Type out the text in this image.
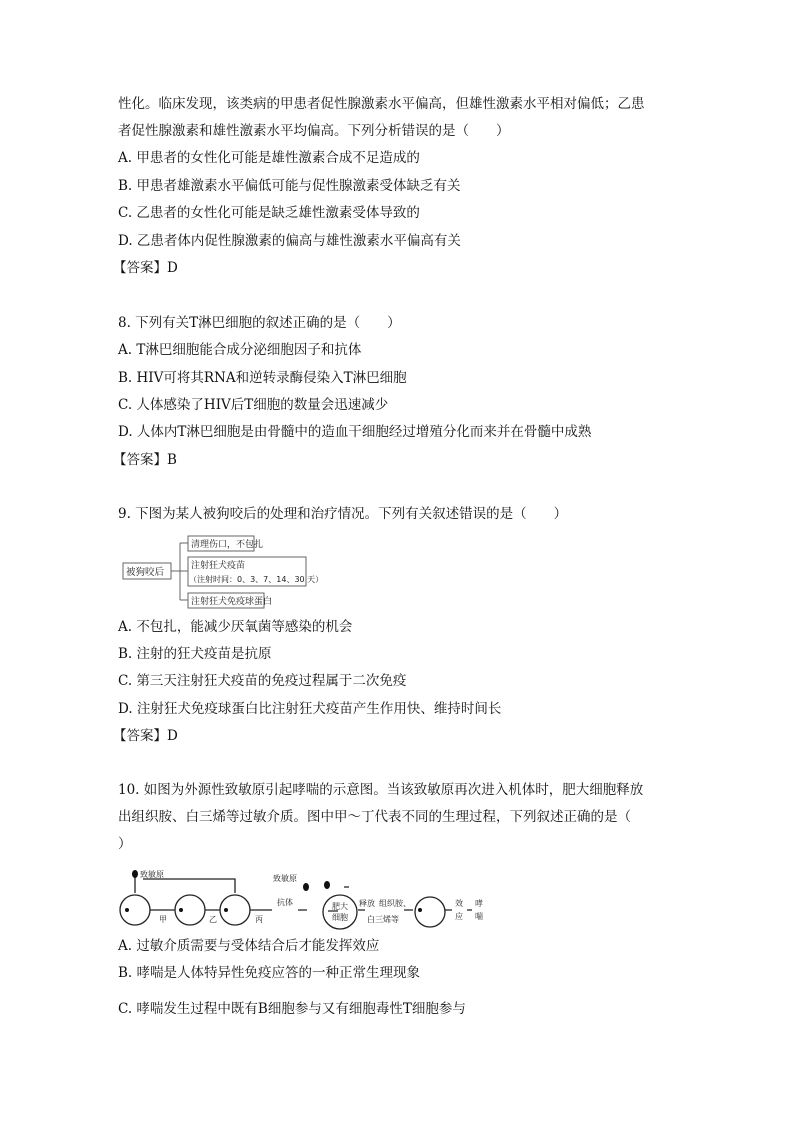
性化。临床发现，该类病的甲患者促性腺激素水平偏高，但雄性激素水平相对偏低；乙患
者促性腺激素和雄性激素水平均偏高。下列分析错误的是（　　）
A. 甲患者的女性化可能是雄性激素合成不足造成的
B. 甲患者雄激素水平偏低可能与促性腺激素受体缺乏有关
C. 乙患者的女性化可能是缺乏雄性激素受体导致的
D. 乙患者体内促性腺激素的偏高与雄性激素水平偏高有关
【答案】D
8. 下列有关T淋巴细胞的叙述正确的是（　　）
A. T淋巴细胞能合成分泌细胞因子和抗体
B. HIV可将其RNA和逆转录酶侵染入T淋巴细胞
C. 人体感染了HIV后T细胞的数量会迅速减少
D. 人体内T淋巴细胞是由骨髓中的造血干细胞经过增殖分化而来并在骨髓中成熟
【答案】B
9. 下图为某人被狗咬后的处理和治疗情况。下列有关叙述错误的是（　　）
被狗咬后
清理伤口，不包扎
注射狂犬疫苗
（注射时间：0、3、7、14、30 天）
注射狂犬免疫球蛋白
A. 不包扎，能减少厌氧菌等感染的机会
B. 注射的狂犬疫苗是抗原
C. 第三天注射狂犬疫苗的免疫过程属于二次免疫
D. 注射狂犬免疫球蛋白比注射狂犬疫苗产生作用快、维持时间长
【答案】D
10. 如图为外源性致敏原引起哮喘的示意图。当该致敏原再次进入机体时，肥大细胞释放
出组织胺、白三烯等过敏介质。图中甲～丁代表不同的生理过程，下列叙述正确的是（
）
致敏原	致敏原
甲	乙	丙
抗体	肥大
细胞
释放 组织胺、
白三烯等
效
应
哮
喘
A. 过敏介质需要与受体结合后才能发挥效应
B. 哮喘是人体特异性免疫应答的一种正常生理现象
C. 哮喘发生过程中既有B细胞参与又有细胞毒性T细胞参与
